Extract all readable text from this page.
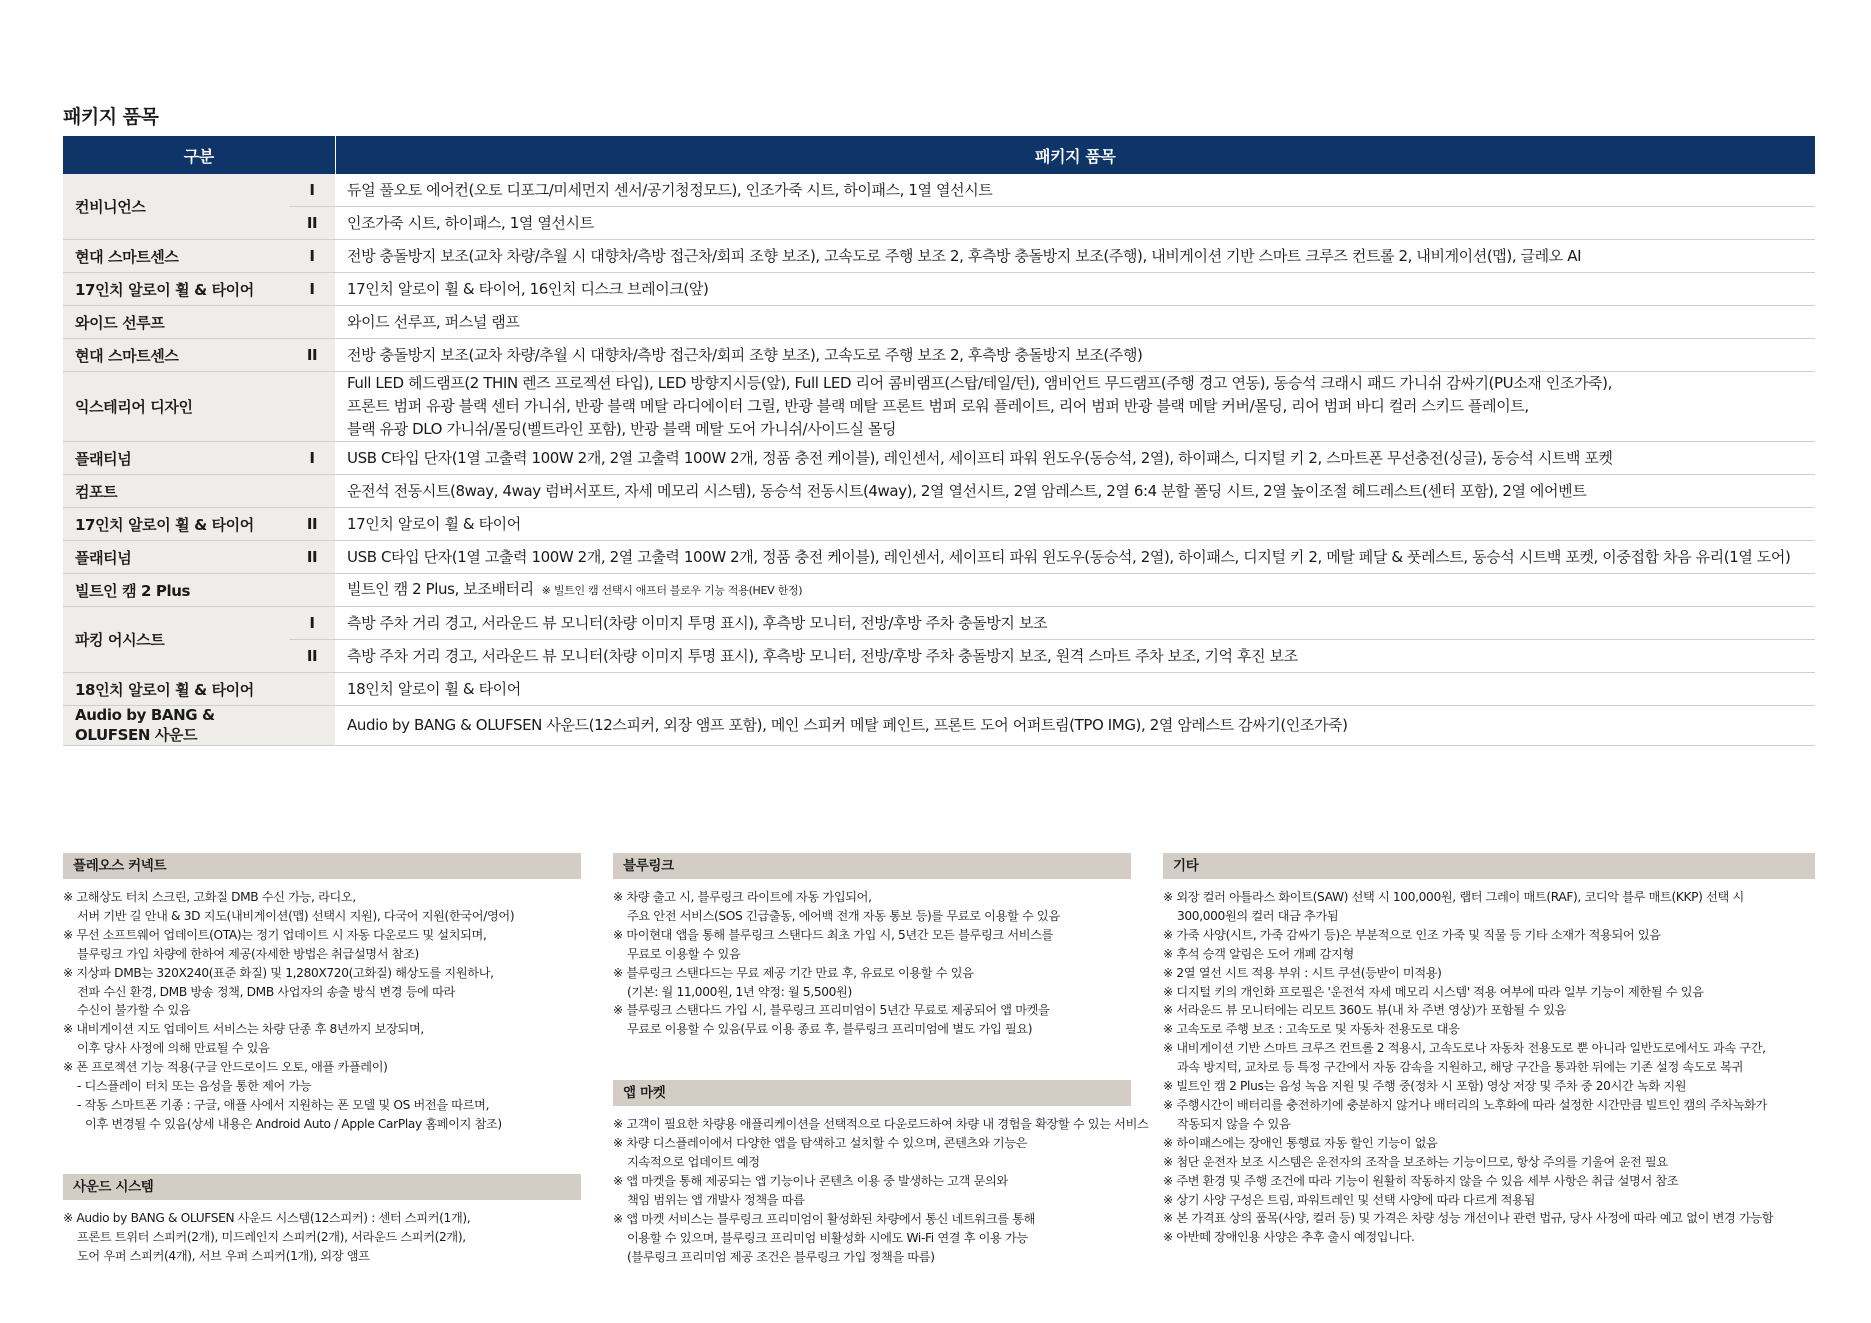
패키지 품목
구분		패키지 품목
컨비니언스	I	듀얼 풀오토 에어컨(오토 디포그/미세먼지 센서/공기청정모드), 인조가죽 시트, 하이패스, 1열 열선시트
	II	인조가죽 시트, 하이패스, 1열 열선시트
현대 스마트센스	I	전방 충돌방지 보조(교차 차량/추월 시 대향차/측방 접근차/회피 조향 보조), 고속도로 주행 보조 2, 후측방 충돌방지 보조(주행), 내비게이션 기반 스마트 크루즈 컨트롤 2, 내비게이션(맵), 글레오 AI
17인치 알로이 휠 & 타이어	I	17인치 알로이 휠 & 타이어, 16인치 디스크 브레이크(앞)
와이드 선루프		와이드 선루프, 퍼스널 램프
현대 스마트센스	II	전방 충돌방지 보조(교차 차량/추월 시 대향차/측방 접근차/회피 조향 보조), 고속도로 주행 보조 2, 후측방 충돌방지 보조(주행)
익스테리어 디자인		Full LED 헤드램프(2 THIN 렌즈 프로젝션 타입), LED 방향지시등(앞), Full LED 리어 콤비램프(스탑/테일/턴), 앰비언트 무드램프(주행 경고 연동), 동승석 크래시 패드 가니쉬 감싸기(PU소재 인조가죽),
프론트 범퍼 유광 블랙 센터 가니쉬, 반광 블랙 메탈 라디에이터 그릴, 반광 블랙 메탈 프론트 범퍼 로워 플레이트, 리어 범퍼 반광 블랙 메탈 커버/몰딩, 리어 범퍼 바디 컬러 스키드 플레이트,
블랙 유광 DLO 가니쉬/몰딩(벨트라인 포함), 반광 블랙 메탈 도어 가니쉬/사이드실 몰딩

플래티넘	I	USB C타입 단자(1열 고출력 100W 2개, 2열 고출력 100W 2개, 정품 충전 케이블), 레인센서, 세이프티 파워 윈도우(동승석, 2열), 하이패스, 디지털 키 2, 스마트폰 무선충전(싱글), 동승석 시트백 포켓
컴포트		운전석 전동시트(8way, 4way 럼버서포트, 자세 메모리 시스템), 동승석 전동시트(4way), 2열 열선시트, 2열 암레스트, 2열 6:4 분할 폴딩 시트, 2열 높이조절 헤드레스트(센터 포함), 2열 에어벤트
17인치 알로이 휠 & 타이어	II	17인치 알로이 휠 & 타이어
플래티넘	II	USB C타입 단자(1열 고출력 100W 2개, 2열 고출력 100W 2개, 정품 충전 케이블), 레인센서, 세이프티 파워 윈도우(동승석, 2열), 하이패스, 디지털 키 2, 메탈 페달 & 풋레스트, 동승석 시트백 포켓, 이중접합 차음 유리(1열 도어)
빌트인 캠 2 Plus		빌트인 캠 2 Plus, 보조배터리 ※ 빌트인 캠 선택시 애프터 블로우 기능 적용(HEV 한정)
파킹 어시스트	I	측방 주차 거리 경고, 서라운드 뷰 모니터(차량 이미지 투명 표시), 후측방 모니터, 전방/후방 주차 충돌방지 보조
	II	측방 주차 거리 경고, 서라운드 뷰 모니터(차량 이미지 투명 표시), 후측방 모니터, 전방/후방 주차 충돌방지 보조, 원격 스마트 주차 보조, 기억 후진 보조
18인치 알로이 휠 & 타이어		18인치 알로이 휠 & 타이어
Audio by BANG & OLUFSEN 사운드		Audio by BANG & OLUFSEN 사운드(12스피커, 외장 앰프 포함), 메인 스피커 메탈 페인트, 프론트 도어 어퍼트림(TPO IMG), 2열 암레스트 감싸기(인조가죽)
플레오스 커넥트
※ 고해상도 터치 스크린, 고화질 DMB 수신 가능, 라디오,
서버 기반 길 안내 & 3D 지도(내비게이션(맵) 선택시 지원), 다국어 지원(한국어/영어)
※ 무선 소프트웨어 업데이트(OTA)는 정기 업데이트 시 자동 다운로드 및 설치되며,
블루링크 가입 차량에 한하여 제공(자세한 방법은 취급설명서 참조)
※ 지상파 DMB는 320X240(표준 화질) 및 1,280X720(고화질) 해상도를 지원하나,
전파 수신 환경, DMB 방송 정책, DMB 사업자의 송출 방식 변경 등에 따라
수신이 불가할 수 있음
※ 내비게이션 지도 업데이트 서비스는 차량 단종 후 8년까지 보장되며,
이후 당사 사정에 의해 만료될 수 있음
※ 폰 프로젝션 기능 적용(구글 안드로이드 오토, 애플 카플레이)
- 디스플레이 터치 또는 음성을 통한 제어 가능
- 작동 스마트폰 기종 : 구글, 애플 사에서 지원하는 폰 모델 및 OS 버전을 따르며,
이후 변경될 수 있음(상세 내용은 Android Auto / Apple CarPlay 홈페이지 참조)
사운드 시스템
※ Audio by BANG & OLUFSEN 사운드 시스템(12스피커) : 센터 스피커(1개),
프론트 트위터 스피커(2개), 미드레인지 스피커(2개), 서라운드 스피커(2개),
도어 우퍼 스피커(4개), 서브 우퍼 스피커(1개), 외장 앰프
블루링크
※ 차량 출고 시, 블루링크 라이트에 자동 가입되어,
주요 안전 서비스(SOS 긴급출동, 에어백 전개 자동 통보 등)를 무료로 이용할 수 있음
※ 마이현대 앱을 통해 블루링크 스탠다드 최초 가입 시, 5년간 모든 블루링크 서비스를
무료로 이용할 수 있음
※ 블루링크 스탠다드는 무료 제공 기간 만료 후, 유료로 이용할 수 있음
(기본: 월 11,000원, 1년 약정: 월 5,500원)
※ 블루링크 스탠다드 가입 시, 블루링크 프리미엄이 5년간 무료로 제공되어 앱 마켓을
무료로 이용할 수 있음(무료 이용 종료 후, 블루링크 프리미엄에 별도 가입 필요)
앱 마켓
※ 고객이 필요한 차량용 애플리케이션을 선택적으로 다운로드하여 차량 내 경험을 확장할 수 있는 서비스
※ 차량 디스플레이에서 다양한 앱을 탐색하고 설치할 수 있으며, 콘텐츠와 기능은
지속적으로 업데이트 예정
※ 앱 마켓을 통해 제공되는 앱 기능이나 콘텐츠 이용 중 발생하는 고객 문의와
책임 범위는 앱 개발사 정책을 따름
※ 앱 마켓 서비스는 블루링크 프리미엄이 활성화된 차량에서 통신 네트워크를 통해
이용할 수 있으며, 블루링크 프리미엄 비활성화 시에도 Wi-Fi 연결 후 이용 가능
(블루링크 프리미엄 제공 조건은 블루링크 가입 정책을 따름)
기타
※ 외장 컬러 아틀라스 화이트(SAW) 선택 시 100,000원, 랩터 그레이 매트(RAF), 코디악 블루 매트(KKP) 선택 시
300,000원의 컬러 대금 추가됨
※ 가죽 사양(시트, 가죽 감싸기 등)은 부분적으로 인조 가죽 및 직물 등 기타 소재가 적용되어 있음
※ 후석 승객 알림은 도어 개폐 감지형
※ 2열 열선 시트 적용 부위 : 시트 쿠션(등받이 미적용)
※ 디지털 키의 개인화 프로필은 '운전석 자세 메모리 시스템' 적용 여부에 따라 일부 기능이 제한될 수 있음
※ 서라운드 뷰 모니터에는 리모트 360도 뷰(내 차 주변 영상)가 포함될 수 있음
※ 고속도로 주행 보조 : 고속도로 및 자동차 전용도로 대응
※ 내비게이션 기반 스마트 크루즈 컨트롤 2 적용시, 고속도로나 자동차 전용도로 뿐 아니라 일반도로에서도 과속 구간,
과속 방지턱, 교차로 등 특정 구간에서 자동 감속을 지원하고, 해당 구간을 통과한 뒤에는 기존 설정 속도로 복귀
※ 빌트인 캠 2 Plus는 음성 녹음 지원 및 주행 중(정차 시 포함) 영상 저장 및 주차 중 20시간 녹화 지원
※ 주행시간이 배터리를 충전하기에 충분하지 않거나 배터리의 노후화에 따라 설정한 시간만큼 빌트인 캠의 주차녹화가
작동되지 않을 수 있음
※ 하이패스에는 장애인 통행료 자동 할인 기능이 없음
※ 첨단 운전자 보조 시스템은 운전자의 조작을 보조하는 기능이므로, 항상 주의를 기울여 운전 필요
※ 주변 환경 및 주행 조건에 따라 기능이 원활히 작동하지 않을 수 있음 세부 사항은 취급 설명서 참조
※ 상기 사양 구성은 트림, 파워트레인 및 선택 사양에 따라 다르게 적용됨
※ 본 가격표 상의 품목(사양, 컬러 등) 및 가격은 차량 성능 개선이나 관련 법규, 당사 사정에 따라 예고 없이 변경 가능함
※ 아반떼 장애인용 사양은 추후 출시 예정입니다.
